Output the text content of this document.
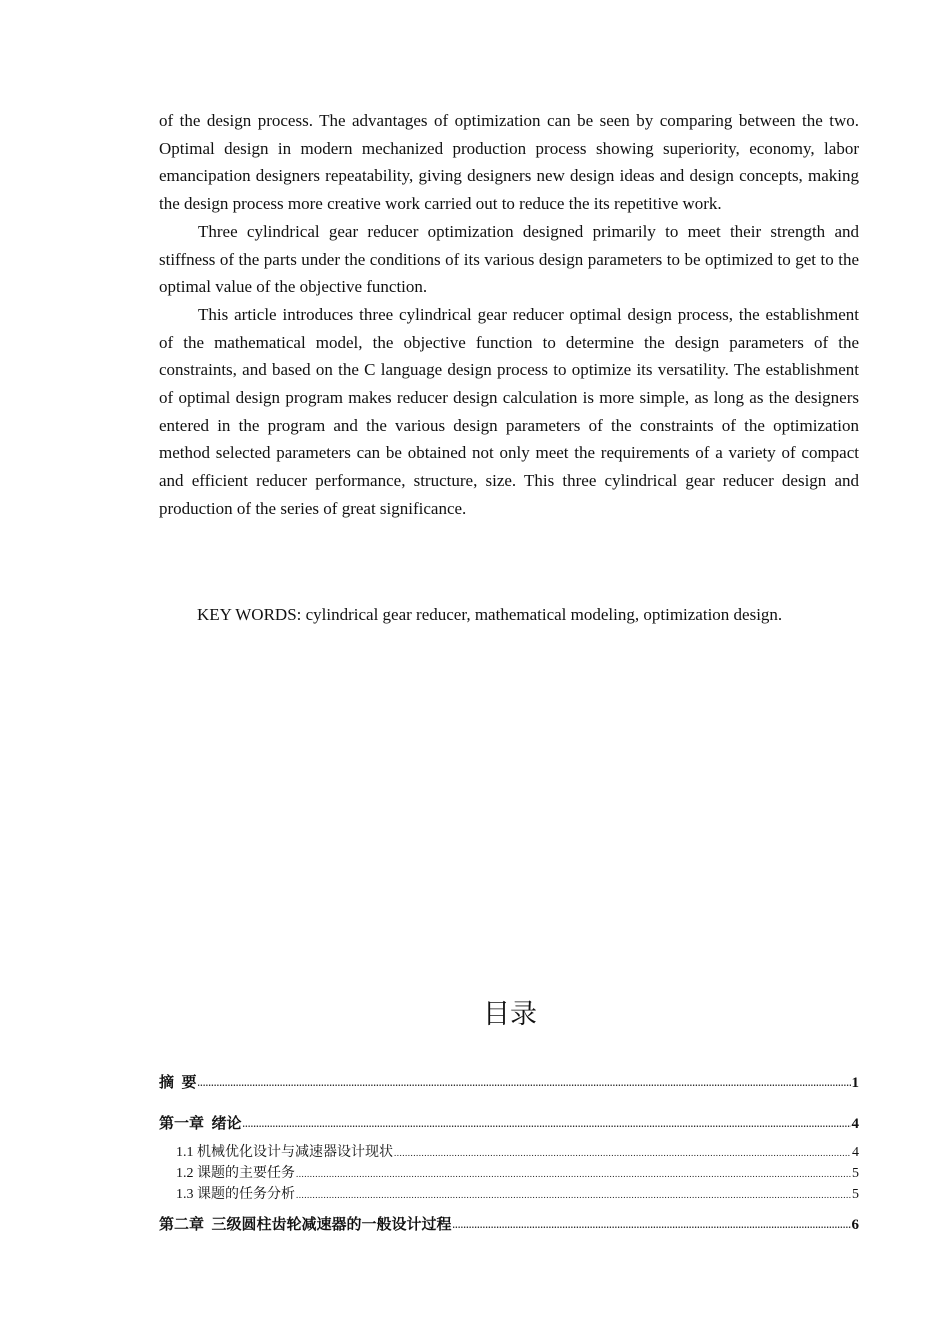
of the design process. The advantages of optimization can be seen by comparing between the two. Optimal design in modern mechanized production process showing superiority, economy, labor emancipation designers repeatability, giving designers new design ideas and design concepts, making the design process more creative work carried out to reduce the its repetitive work.

Three cylindrical gear reducer optimization designed primarily to meet their strength and stiffness of the parts under the conditions of its various design parameters to be optimized to get to the optimal value of the objective function.

This article introduces three cylindrical gear reducer optimal design process, the establishment of the mathematical model, the objective function to determine the design parameters of the constraints, and based on the C language design process to optimize its versatility. The establishment of optimal design program makes reducer design calculation is more simple, as long as the designers entered in the program and the various design parameters of the constraints of the optimization method selected parameters can be obtained not only meet the requirements of a variety of compact and efficient reducer performance, structure, size. This three cylindrical gear reducer design and production of the series of great significance.

KEY WORDS: cylindrical gear reducer, mathematical modeling, optimization design.
目录
摘  要 .....	1
第一章  绪论 .....	4
1.1 机械优化设计与减速器设计现状 .....	4
1.2 课题的主要任务 .....	5
1.3 课题的任务分析 .....	5
第二章  三级圆柱齿轮减速器的一般设计过程 .....	6
